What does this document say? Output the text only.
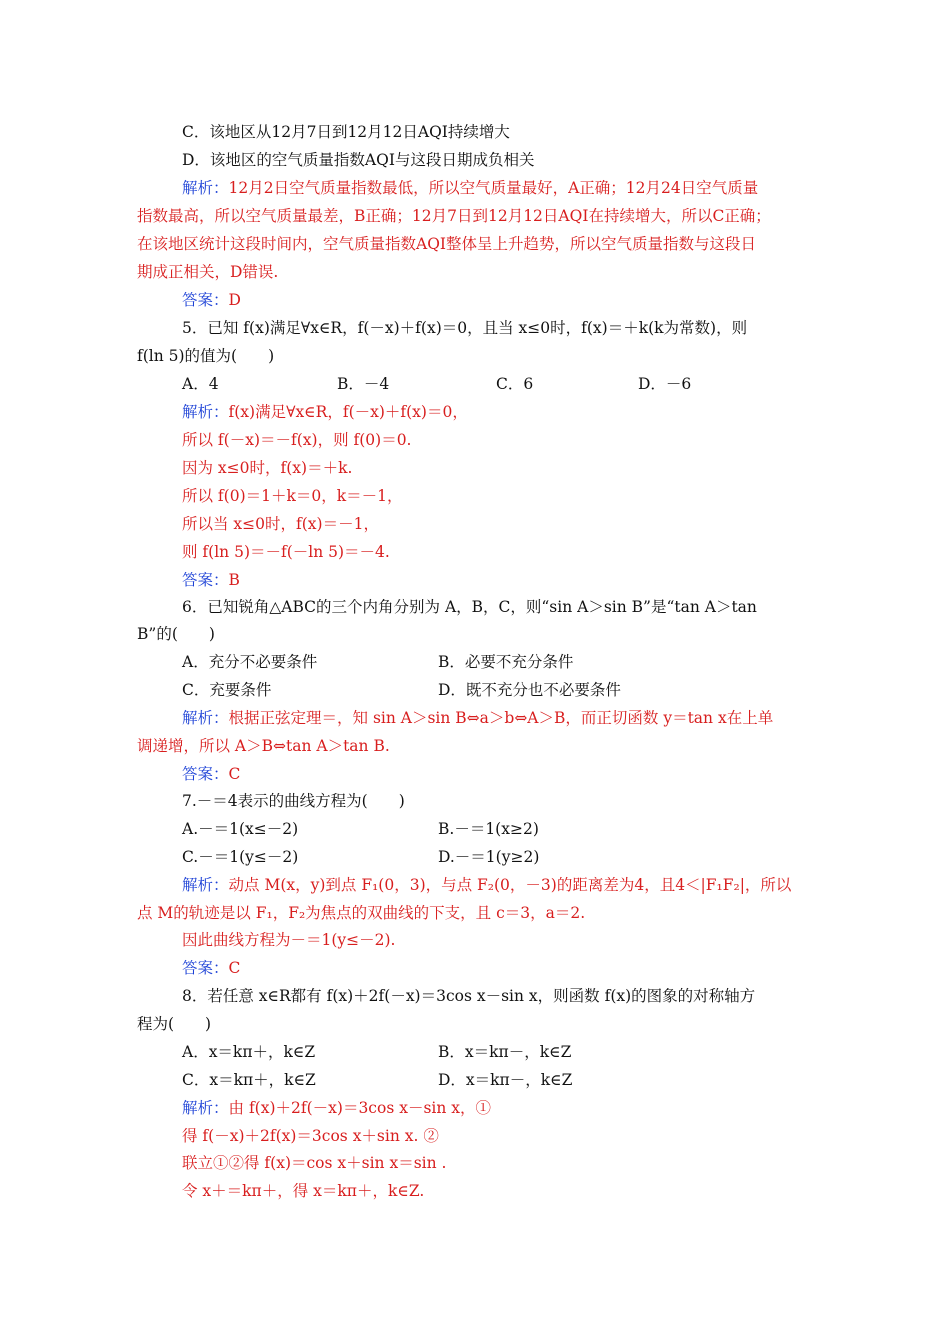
C．该地区从12月7日到12月12日AQI持续增大
D．该地区的空气质量指数AQI与这段日期成负相关
解析：12月2日空气质量指数最低，所以空气质量最好，A正确；12月24日空气质量
指数最高，所以空气质量最差，B正确；12月7日到12月12日AQI在持续增大，所以C正确；
在该地区统计这段时间内，空气质量指数AQI整体呈上升趋势，所以空气质量指数与这段日
期成正相关，D错误.
答案：D
5．已知 f(x)满足∀x∈R，f(－x)＋f(x)＝0，且当 x≤0时，f(x)＝＋k(k为常数)，则
f(ln 5)的值为(　　)
A．4	B．－4	C．6	D．－6
解析：f(x)满足∀x∈R，f(－x)＋f(x)＝0，
所以 f(－x)＝－f(x)，则 f(0)＝0.
因为 x≤0时，f(x)＝＋k.
所以 f(0)＝1＋k＝0，k＝－1，
所以当 x≤0时，f(x)＝－1，
则 f(ln 5)＝－f(－ln 5)＝－4.
答案：B
6．已知锐角△ABC的三个内角分别为 A，B，C，则“sin A＞sin B”是“tan A＞tan
B”的(　　)
A．充分不必要条件	B．必要不充分条件
C．充要条件	D．既不充分也不必要条件
解析：根据正弦定理＝，知 sin A＞sin B⇔a＞b⇔A＞B，而正切函数 y＝tan x在上单
调递增，所以 A＞B⇔tan A＞tan B.
答案：C
7.－＝4表示的曲线方程为(　　)
A.－＝1(x≤－2)	B.－＝1(x≥2)
C.－＝1(y≤－2)	D.－＝1(y≥2)
解析：动点 M(x，y)到点 F₁(0，3)，与点 F₂(0，－3)的距离差为4，且4＜|F₁F₂|，所以
点 M的轨迹是以 F₁，F₂为焦点的双曲线的下支，且 c＝3，a＝2.
因此曲线方程为－＝1(y≤－2).
答案：C
8．若任意 x∈R都有 f(x)＋2f(－x)＝3cos x－sin x，则函数 f(x)的图象的对称轴方
程为(　　)
A．x＝kπ＋，k∈Z	B．x＝kπ－，k∈Z
C．x＝kπ＋，k∈Z	D．x＝kπ－，k∈Z
解析：由 f(x)＋2f(－x)＝3cos x－sin x，①
得 f(－x)＋2f(x)＝3cos x＋sin x. ②
联立①②得 f(x)＝cos x＋sin x＝sin .
令 x＋＝kπ＋，得 x＝kπ＋，k∈Z.
